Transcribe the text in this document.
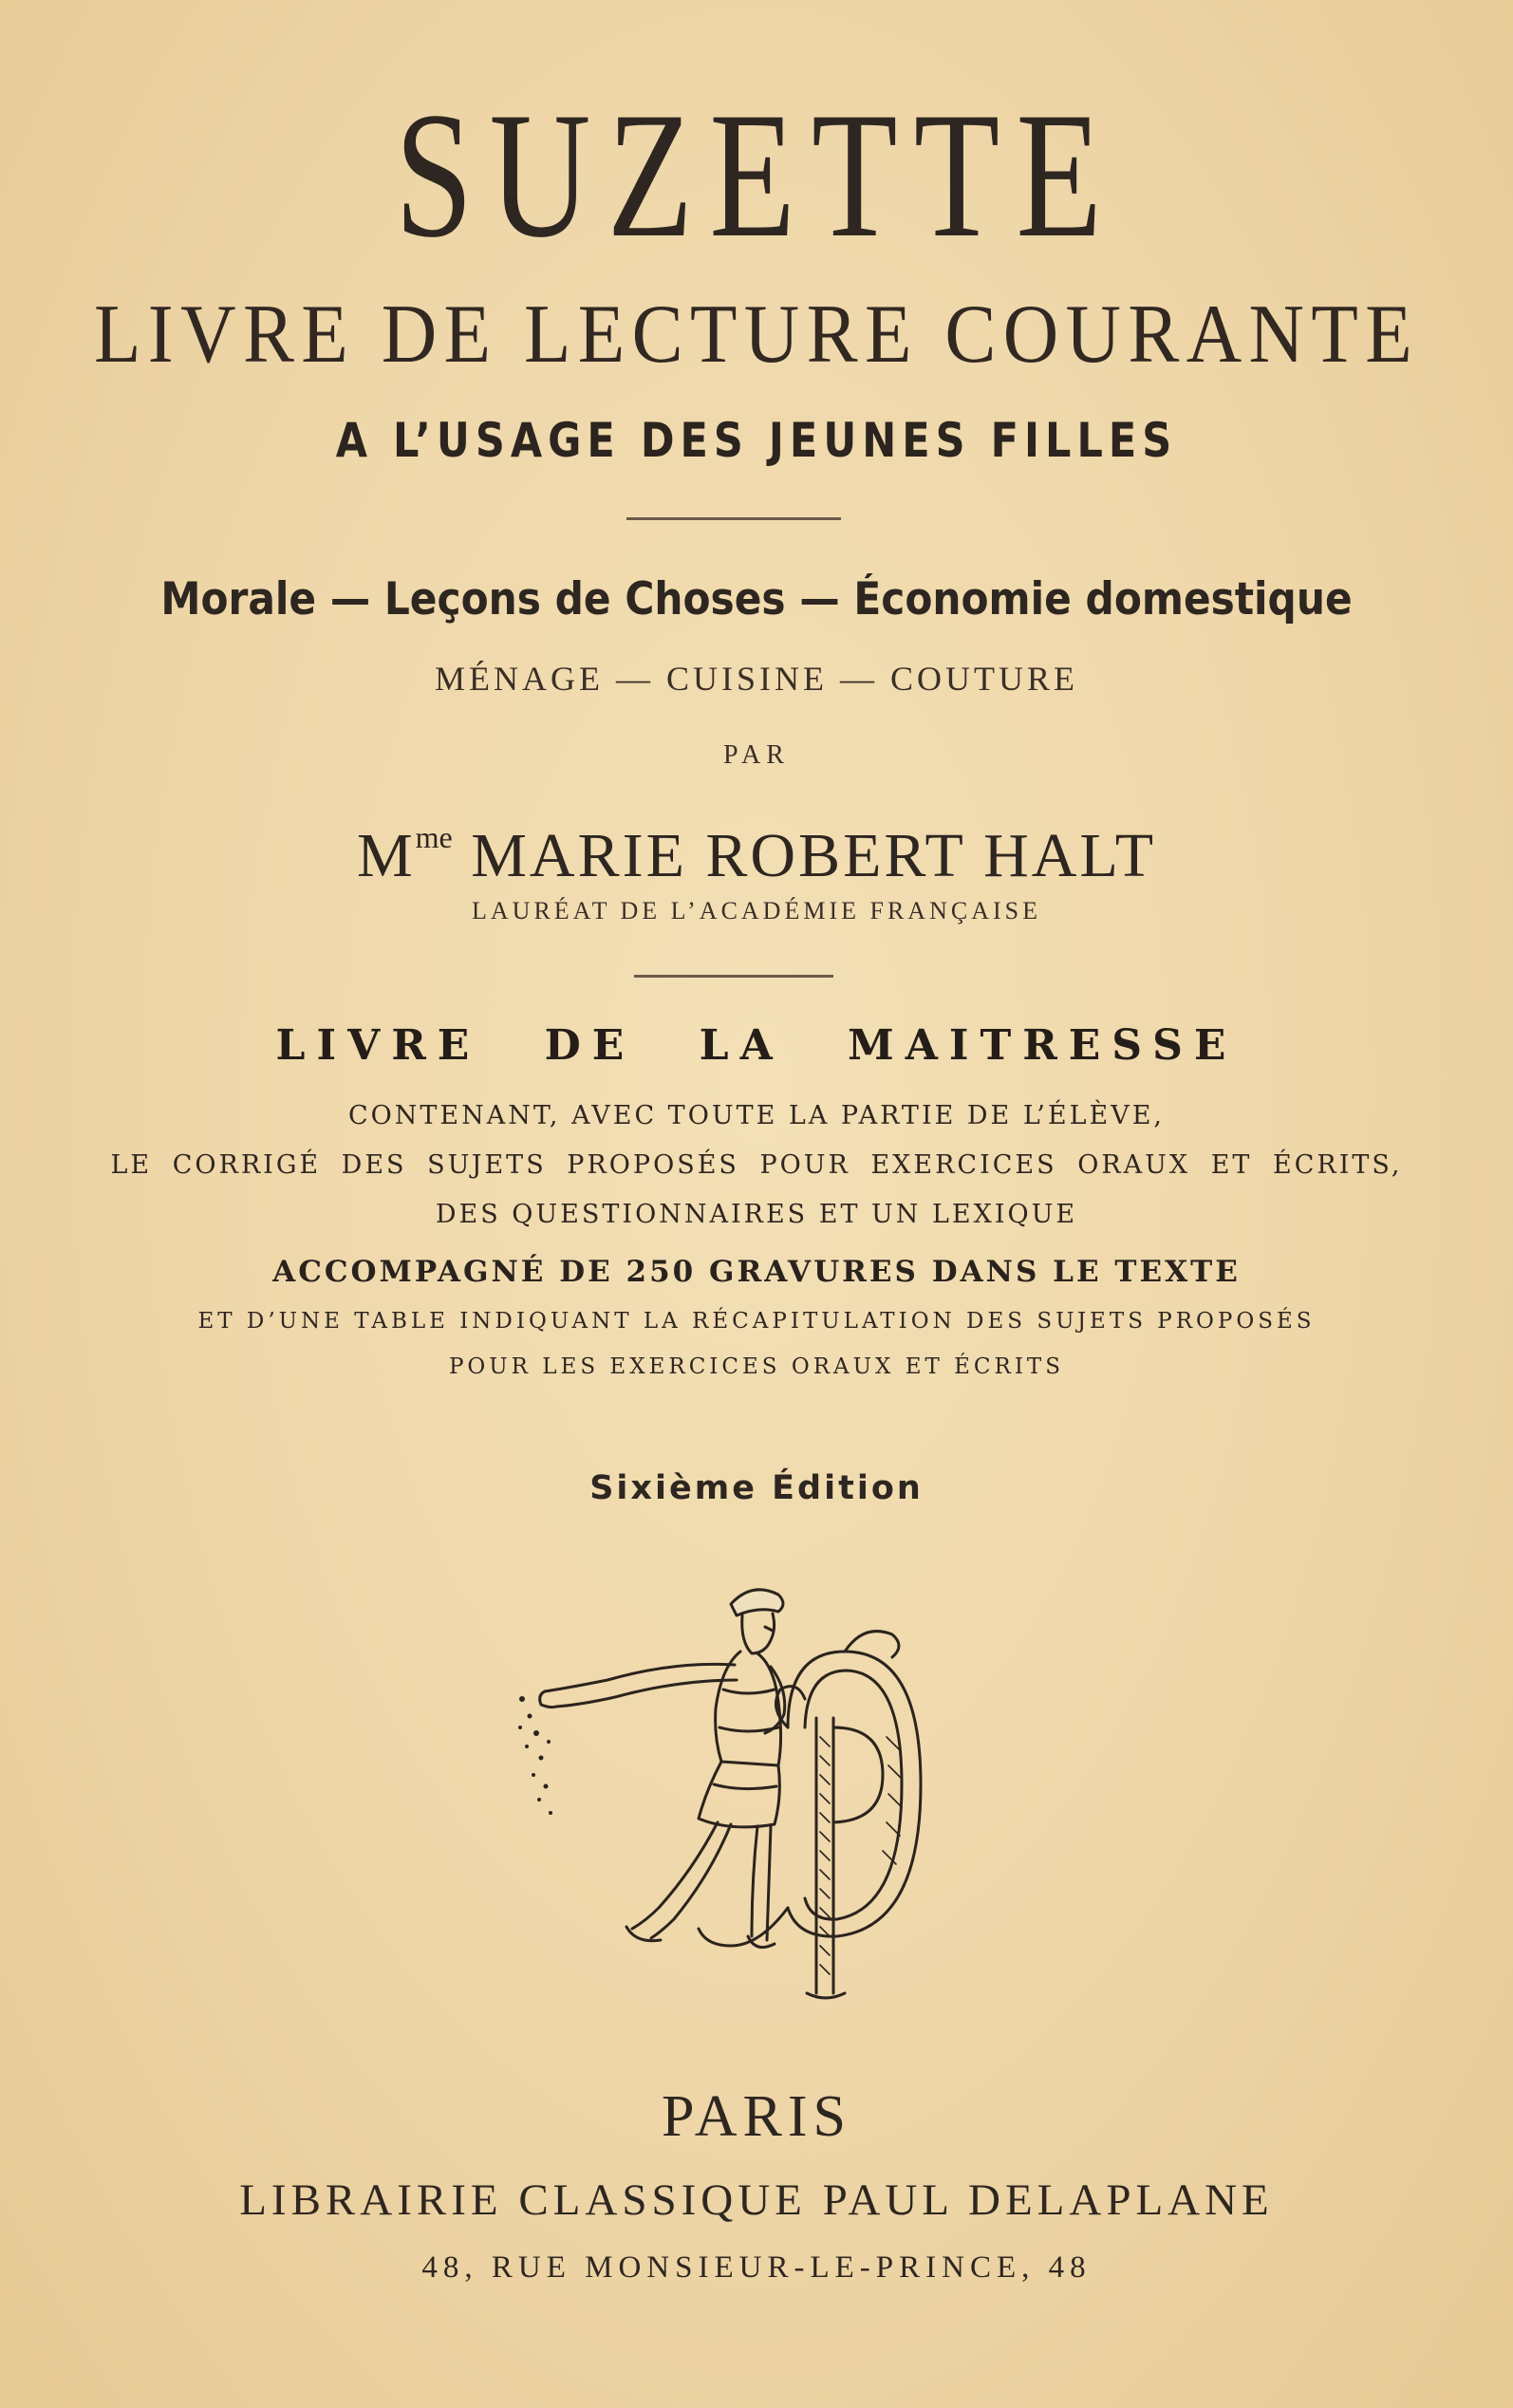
SUZETTE
LIVRE DE LECTURE COURANTE
A L’USAGE DES JEUNES FILLES
Morale — Leçons de Choses — Économie domestique
MÉNAGE — CUISINE — COUTURE
PAR
$M^{me}$ MARIE ROBERT HALT
LAURÉAT DE L’ACADÉMIE FRANÇAISE
LIVRE DE LA MAITRESSE
CONTENANT, AVEC TOUTE LA PARTIE DE L’ÉLÈVE,
LE CORRIGÉ DES SUJETS PROPOSÉS POUR EXERCICES ORAUX ET ÉCRITS,
DES QUESTIONNAIRES ET UN LEXIQUE
ACCOMPAGNÉ DE 250 GRAVURES DANS LE TEXTE
ET D’UNE TABLE INDIQUANT LA RÉCAPITULATION DES SUJETS PROPOSÉS
POUR LES EXERCICES ORAUX ET ÉCRITS
Sixième Édition
PARIS
LIBRAIRIE CLASSIQUE PAUL DELAPLANE
48, RUE MONSIEUR-LE-PRINCE, 48
